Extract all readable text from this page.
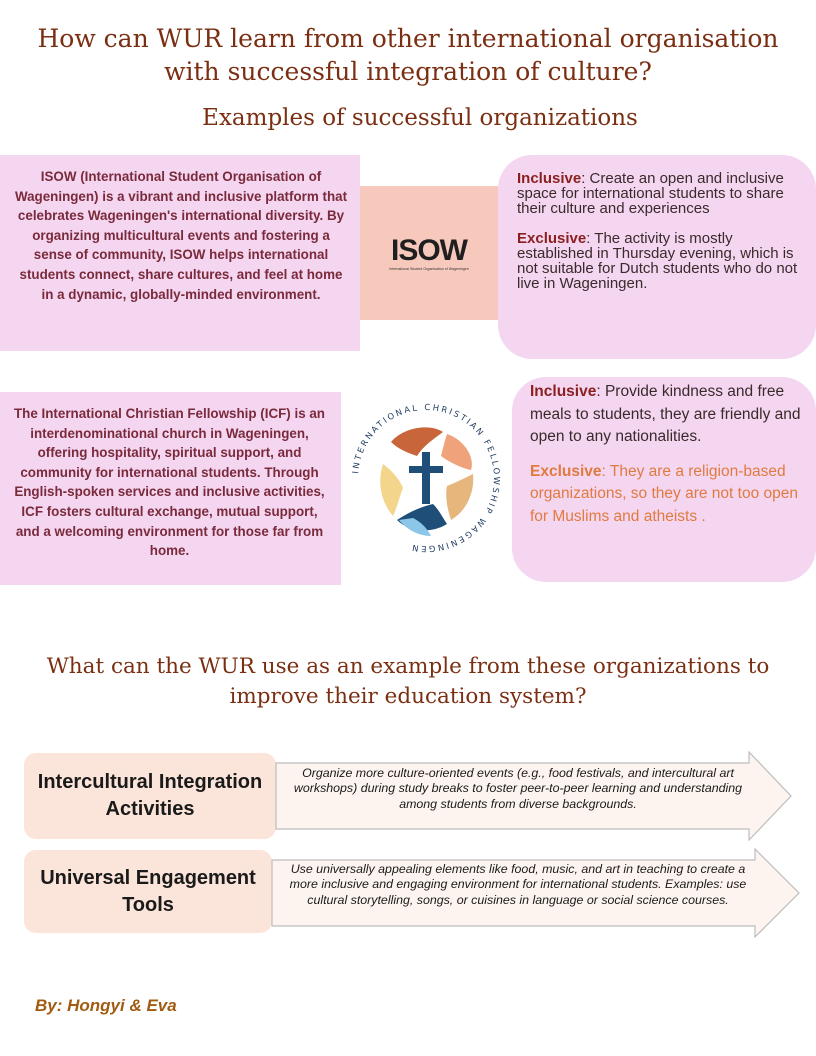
How can WUR learn from other international organisation with successful integration of culture?
Examples of successful organizations
ISOW (International Student Organisation of Wageningen) is a vibrant and inclusive platform that celebrates Wageningen's international diversity. By organizing multicultural events and fostering a sense of community, ISOW helps international students connect, share cultures, and feel at home in a dynamic, globally-minded environment.
ISOW
International Student Organisation of Wageningen
Inclusive: Create an open and inclusive space for international students to share their culture and experiences
Exclusive: The activity is mostly established in Thursday evening, which is not suitable for Dutch students who do not live in Wageningen.
The International Christian Fellowship (ICF) is an interdenominational church in Wageningen, offering hospitality, spiritual support, and community for international students. Through English-spoken services and inclusive activities, ICF fosters cultural exchange, mutual support, and a welcoming environment for those far from home.
INTERNATIONAL CHRISTIAN FELLOWSHIP WAGENINGEN
Inclusive: Provide kindness and free meals to students, they are friendly and open to any nationalities.
Exclusive: They are a religion-based organizations, so they are not too open for Muslims and atheists .
What can the WUR use as an example from these organizations to improve their education system?
Intercultural Integration Activities
Organize more culture-oriented events (e.g., food festivals, and intercultural art workshops) during study breaks to foster peer-to-peer learning and understanding among students from diverse backgrounds.
Universal Engagement Tools
Use universally appealing elements like food, music, and art in teaching to create a more inclusive and engaging environment for international students. Examples: use cultural storytelling, songs, or cuisines in language or social science courses.
By: Hongyi & Eva
